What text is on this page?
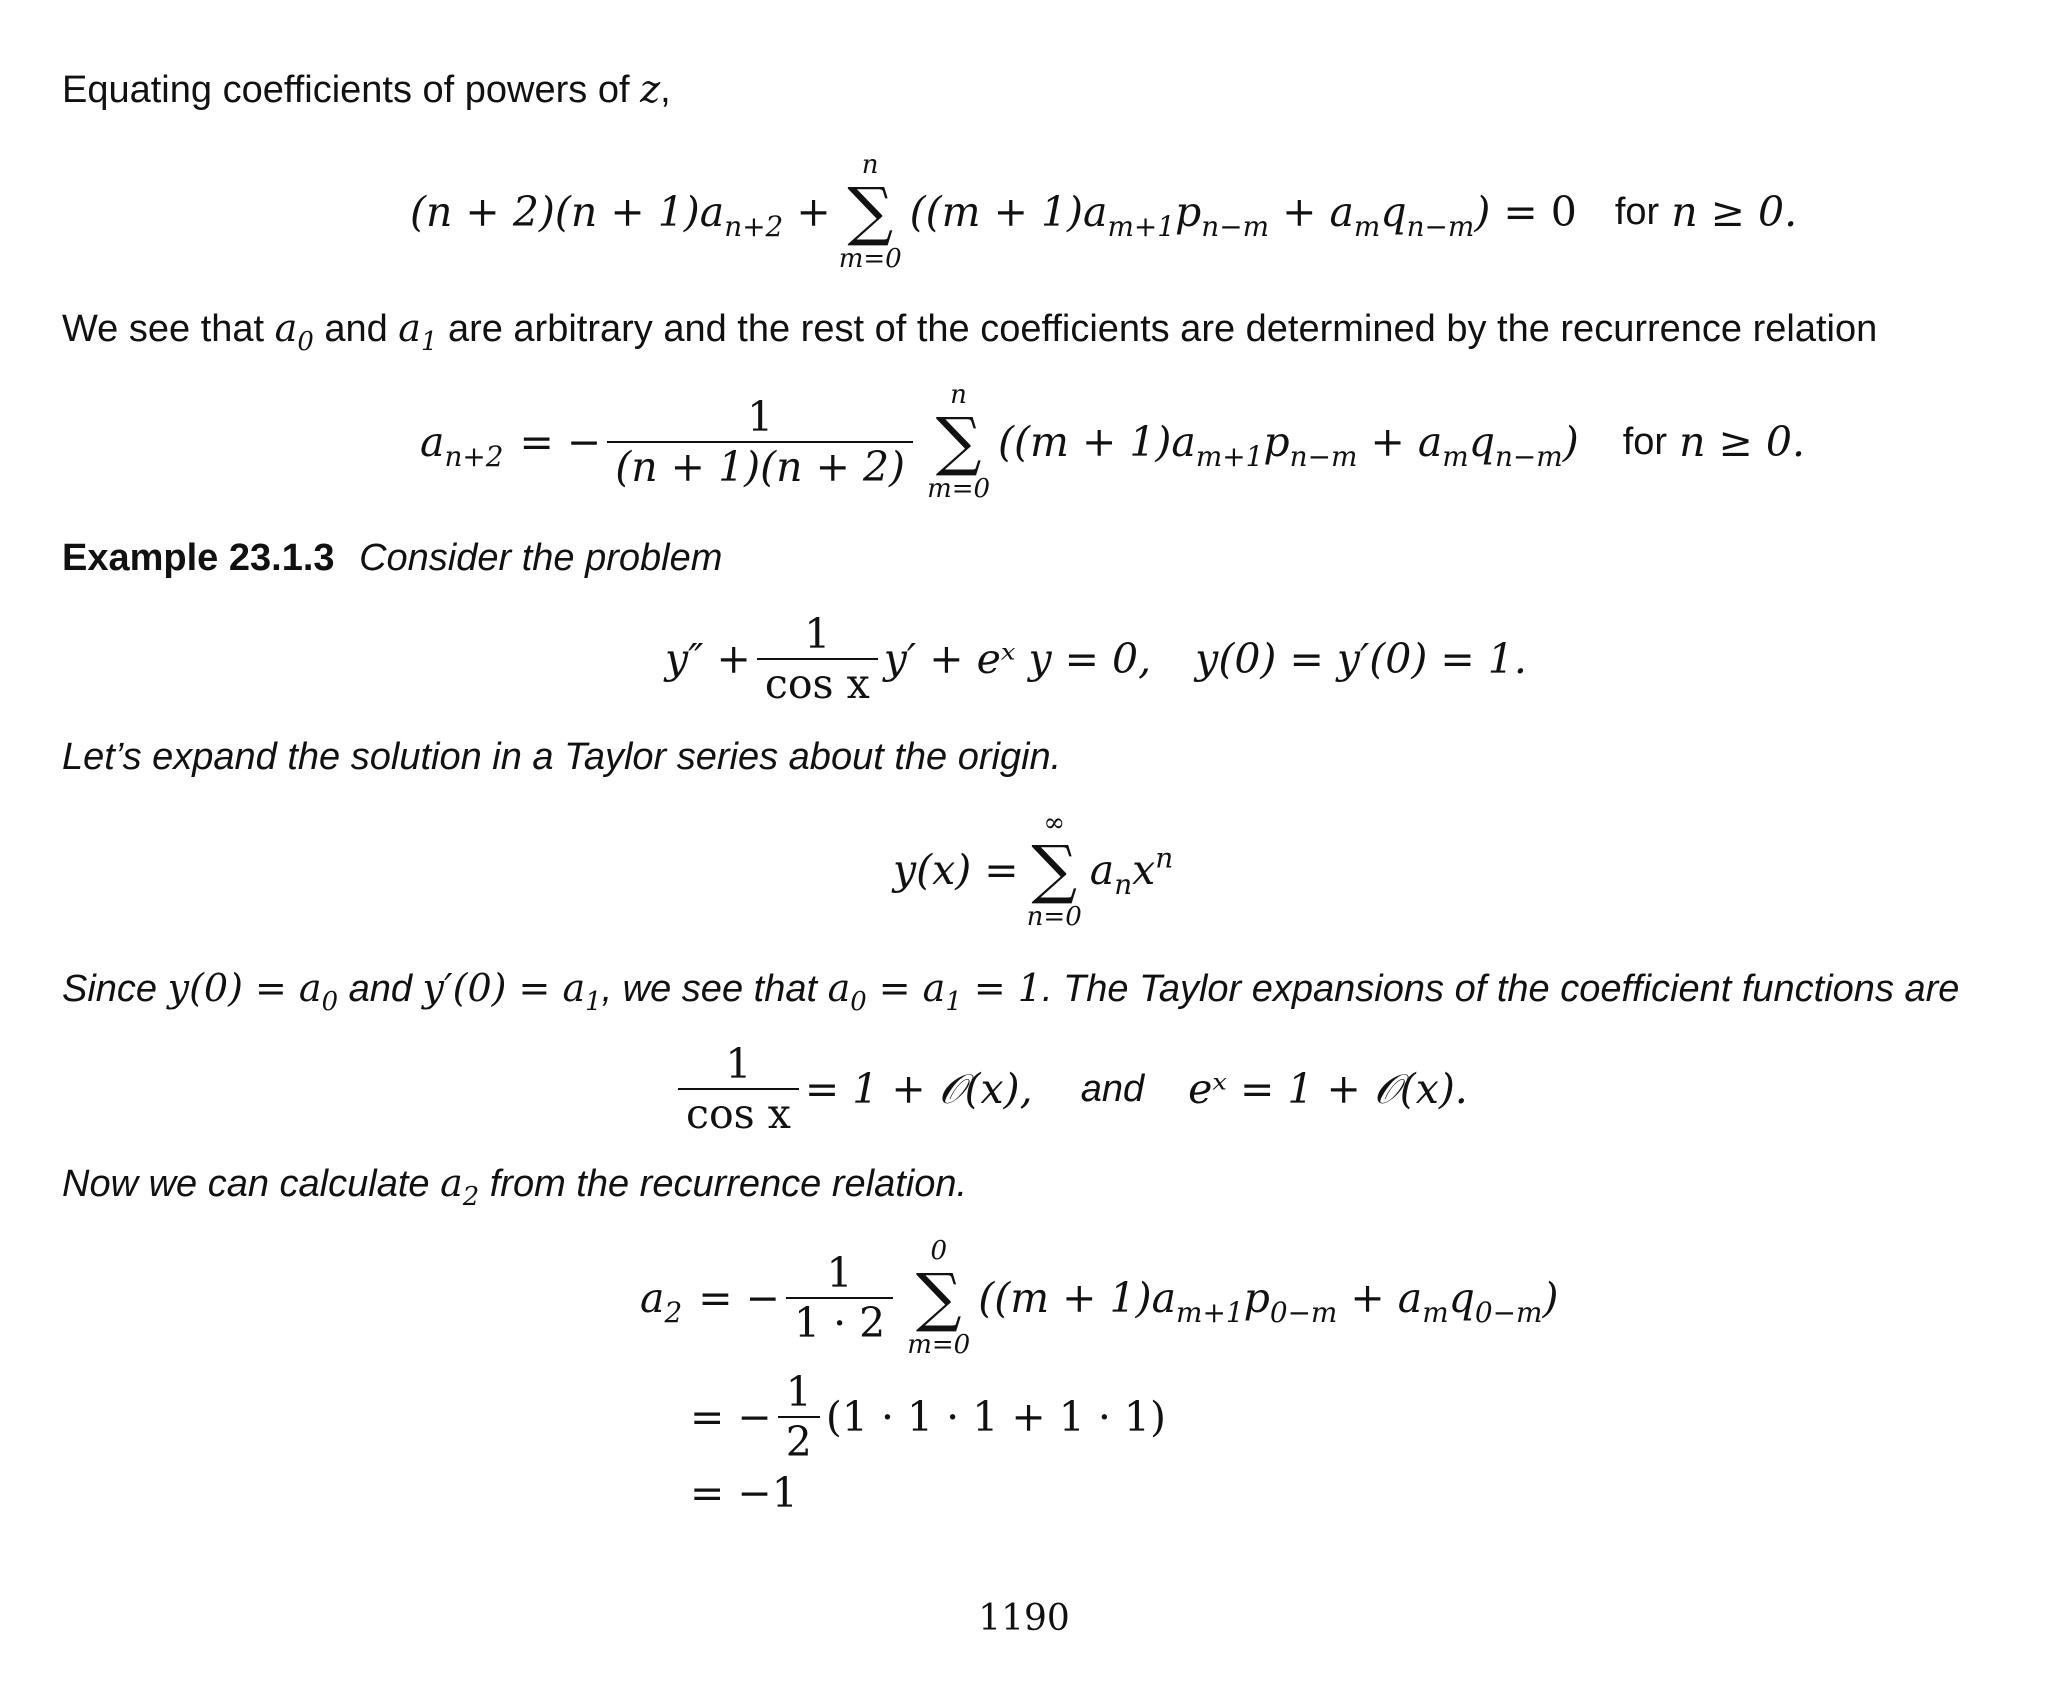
Equating coefficients of powers of z,
$(n + 2)(n + 1)a_{n+2}$ +
n
∑
m=0
$((m + 1)a_{m+1}p_{n-m} + a_mq_{n-m}) = 0$ for n ≥ 0.
We see that $a_0$ and $a_1$ are arbitrary and the rest of the coefficients are determined by the recurrence relation
$a_{n+2}$ = − $\frac{1}{(n + 1)(n + 2)}$ n
∑
m=0
$((m + 1)a_{m+1}p_{n-m} + a_mq_{n-m})$ for n ≥ 0.
Example 23.1.3 Consider the problem
$y'' + \frac{1}{\text{cos x}} y'$ + eˣ y = 0, y(0) = y′(0) = 1.
Let’s expand the solution in a Taylor series about the origin.
y(x) =
∞
∑
n=0
$a_nx^n$
Since $y(0) = a_0$ and $y'(0) = a_1$, we see that $a_0 = a_1 = 1$. The Taylor expansions of the coefficient functions are
$\frac{1}{\text{cos x}} = 1$ + 𝒪(x), and eˣ = 1 + 𝒪(x).
Now we can calculate $a_2$ from the recurrence relation.
$a_2$ = − $\frac{1}{1 \cdot 2} 0$
∑
m=0
$((m + 1)a_{m+1}p_{0-m} + a_mq_{0-m})$
= − $\frac{1}{2} (1 \cdot 1 \cdot 1 + 1 \cdot 1)$
= −1
1190
